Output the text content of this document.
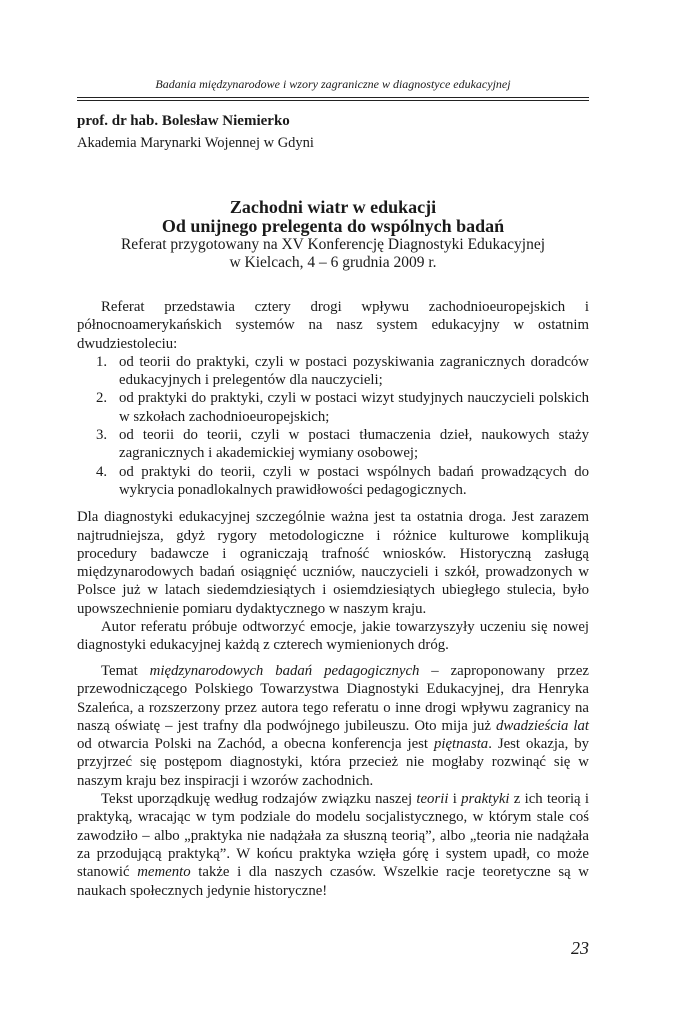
Badania międzynarodowe i wzory zagraniczne w diagnostyce edukacyjnej
prof. dr hab. Bolesław Niemierko
Akademia Marynarki Wojennej w Gdyni
Zachodni wiatr w edukacji
Od unijnego prelegenta do wspólnych badań
Referat przygotowany na XV Konferencję Diagnostyki Edukacyjnej
w Kielcach, 4 – 6 grudnia 2009 r.

Referat przedstawia cztery drogi wpływu zachodnioeuropejskich i północnoamerykańskich systemów na nasz system edukacyjny w ostatnim dwudziestoleciu:

1. od teorii do praktyki, czyli w postaci pozyskiwania zagranicznych doradców edukacyjnych i prelegentów dla nauczycieli;
2. od praktyki do praktyki, czyli w postaci wizyt studyjnych nauczycieli polskich w szkołach zachodnioeuropejskich;
3. od teorii do teorii, czyli w postaci tłumaczenia dzieł, naukowych staży zagranicznych i akademickiej wymiany osobowej;
4. od praktyki do teorii, czyli w postaci wspólnych badań prowadzących do wykrycia ponadlokalnych prawidłowości pedagogicznych.

Dla diagnostyki edukacyjnej szczególnie ważna jest ta ostatnia droga. Jest zarazem najtrudniejsza, gdyż rygory metodologiczne i różnice kulturowe komplikują procedury badawcze i ograniczają trafność wniosków. Historyczną zasługą międzynarodowych badań osiągnięć uczniów, nauczycieli i szkół, prowadzonych w Polsce już w latach siedemdziesiątych i osiemdziesiątych ubiegłego stulecia, było upowszechnienie pomiaru dydaktycznego w naszym kraju.

Autor referatu próbuje odtworzyć emocje, jakie towarzyszyły uczeniu się nowej diagnostyki edukacyjnej każdą z czterech wymienionych dróg.

Temat międzynarodowych badań pedagogicznych – zaproponowany przez przewodniczącego Polskiego Towarzystwa Diagnostyki Edukacyjnej, dra Henryka Szaleńca, a rozszerzony przez autora tego referatu o inne drogi wpływu zagranicy na naszą oświatę – jest trafny dla podwójnego jubileuszu. Oto mija już dwadzieścia lat od otwarcia Polski na Zachód, a obecna konferencja jest piętnasta. Jest okazja, by przyjrzeć się postępom diagnostyki, która przecież nie mogłaby rozwinąć się w naszym kraju bez inspiracji i wzorów zachodnich.

Tekst uporządkuję według rodzajów związku naszej teorii i praktyki z ich teorią i praktyką, wracając w tym podziale do modelu socjalistycznego, w którym stale coś zawodziło – albo „praktyka nie nadążała za słuszną teorią”, albo „teoria nie nadążała za przodującą praktyką”. W końcu praktyka wzięła górę i system upadł, co może stanowić memento także i dla naszych czasów. Wszelkie racje teoretyczne są w naukach społecznych jedynie historyczne!

23
